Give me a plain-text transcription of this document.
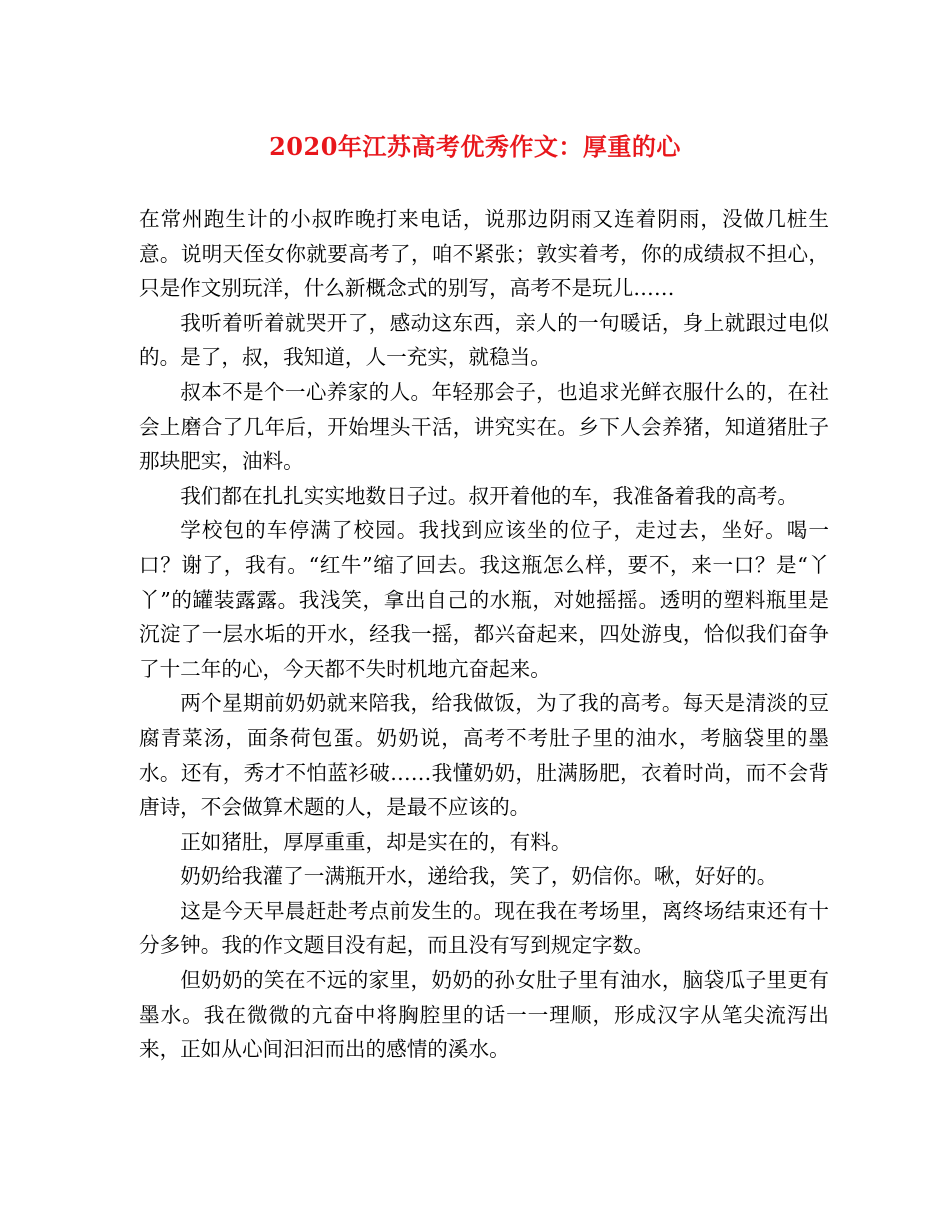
2020年江苏高考优秀作文：厚重的心

在常州跑生计的小叔昨晚打来电话，说那边阴雨又连着阴雨，没做几桩生意。说明天侄女你就要高考了，咱不紧张；敦实着考，你的成绩叔不担心，只是作文别玩洋，什么新概念式的别写，高考不是玩儿……

我听着听着就哭开了，感动这东西，亲人的一句暖话，身上就跟过电似的。是了，叔，我知道，人一充实，就稳当。

叔本不是个一心养家的人。年轻那会子，也追求光鲜衣服什么的，在社会上磨合了几年后，开始埋头干活，讲究实在。乡下人会养猪，知道猪肚子那块肥实，油料。

我们都在扎扎实实地数日子过。叔开着他的车，我准备着我的高考。

学校包的车停满了校园。我找到应该坐的位子，走过去，坐好。喝一口？谢了，我有。“红牛”缩了回去。我这瓶怎么样，要不，来一口？是“丫丫”的罐装露露。我浅笑，拿出自己的水瓶，对她摇摇。透明的塑料瓶里是沉淀了一层水垢的开水，经我一摇，都兴奋起来，四处游曳，恰似我们奋争了十二年的心，今天都不失时机地亢奋起来。

两个星期前奶奶就来陪我，给我做饭，为了我的高考。每天是清淡的豆腐青菜汤，面条荷包蛋。奶奶说，高考不考肚子里的油水，考脑袋里的墨水。还有，秀才不怕蓝衫破……我懂奶奶，肚满肠肥，衣着时尚，而不会背唐诗，不会做算术题的人，是最不应该的。

正如猪肚，厚厚重重，却是实在的，有料。

奶奶给我灌了一满瓶开水，递给我，笑了，奶信你。啾，好好的。

这是今天早晨赶赴考点前发生的。现在我在考场里，离终场结束还有十分多钟。我的作文题目没有起，而且没有写到规定字数。

但奶奶的笑在不远的家里，奶奶的孙女肚子里有油水，脑袋瓜子里更有墨水。我在微微的亢奋中将胸腔里的话一一理顺，形成汉字从笔尖流泻出来，正如从心间汩汩而出的感情的溪水。
